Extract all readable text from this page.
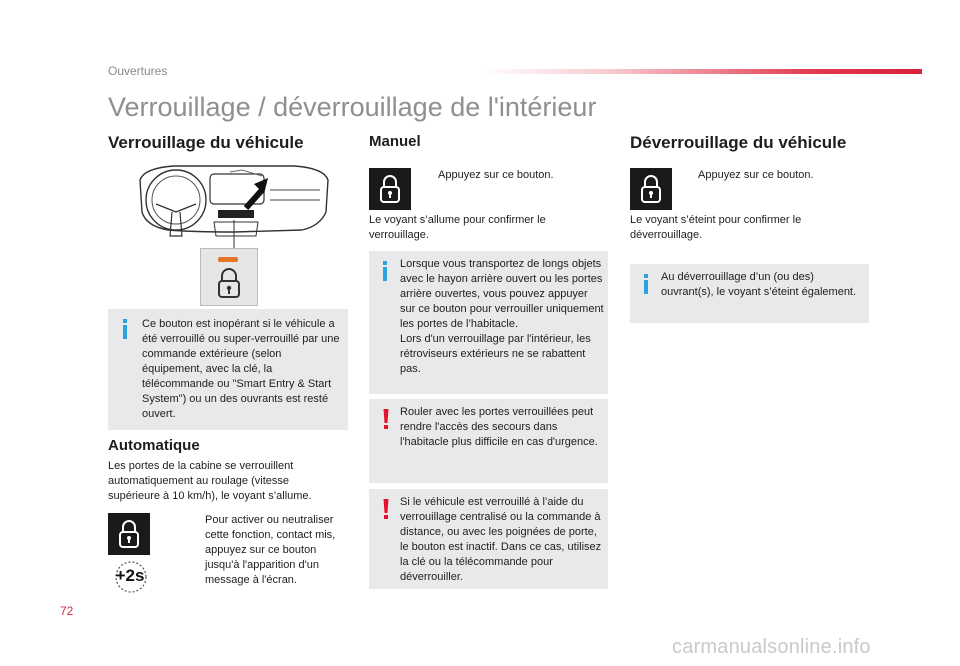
Ouvertures
Verrouillage / déverrouillage de l'intérieur
Verrouillage du véhicule
Ce bouton est inopérant si le véhicule a été verrouillé ou super-verrouillé par une commande extérieure (selon équipement, avec la clé, la télécommande ou "Smart Entry & Start System") ou un des ouvrants est resté ouvert.
Automatique
Les portes de la cabine se verrouillent automatiquement au roulage (vitesse supérieure à 10 km/h), le voyant s’allume.
Pour activer ou neutraliser cette fonction, contact mis, appuyez sur ce bouton jusqu'à l'apparition d'un message à l'écran.
+2s
Manuel
Appuyez sur ce bouton.
Le voyant s’allume pour confirmer le verrouillage.
Lorsque vous transportez de longs objets avec le hayon arrière ouvert ou les portes arrière ouvertes, vous pouvez appuyer sur ce bouton pour verrouiller uniquement les portes de l’habitacle.
Lors d'un verrouillage par l'intérieur, les rétroviseurs extérieurs ne se rabattent pas.
Rouler avec les portes verrouillées peut rendre l'accès des secours dans l'habitacle plus difficile en cas d'urgence.
Si le véhicule est verrouillé à l’aide du verrouillage centralisé ou la commande à distance, ou avec les poignées de porte, le bouton est inactif. Dans ce cas, utilisez la clé ou la télécommande pour déverrouiller.
Déverrouillage du véhicule
Appuyez sur ce bouton.
Le voyant s’éteint pour confirmer le déverrouillage.
Au déverrouillage d’un (ou des) ouvrant(s), le voyant s’éteint également.
72
carmanualsonline.info
